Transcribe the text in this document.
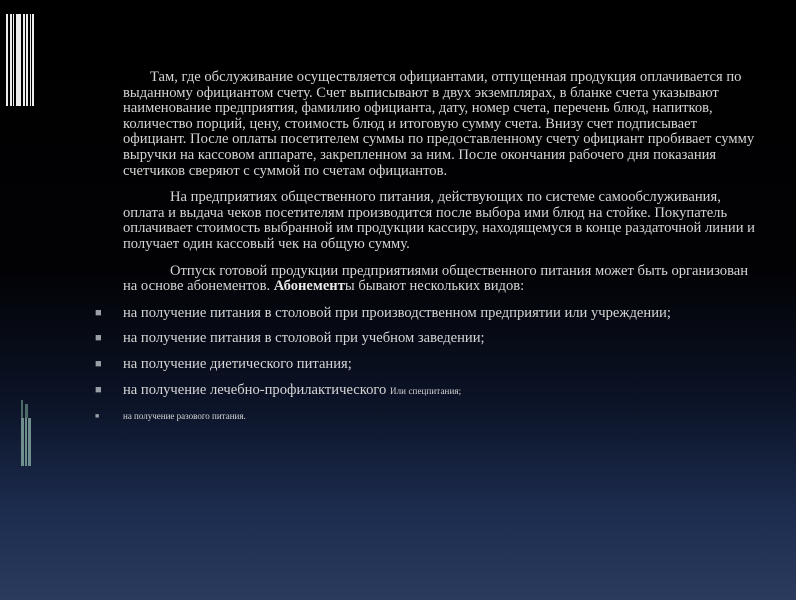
Там, где обслуживание осуществляется официантами, отпущенная продукция оплачивается по выданному официантом счету. Счет выписывают в двух экземплярах, в бланке счета указывают наименование предприятия, фамилию официанта, дату, номер счета, перечень блюд, напитков, количество порций, цену, стоимость блюд и итоговую сумму счета. Внизу счет подписывает официант. После оплаты посетителем суммы по предоставленному счету официант пробивает сумму выручки на кассовом аппарате, закрепленном за ним. После окончания рабочего дня показания счетчиков сверяют с суммой по счетам официантов.

На предприятиях общественного питания, действующих по системе самообслуживания, оплата и выдача чеков посетителям производится после выбора ими блюд на стойке. Покупатель оплачивает стоимость выбранной им продукции кассиру, находящемуся в конце раздаточной линии и получает один кассовый чек на общую сумму.

Отпуск готовой продукции предприятиями общественного питания может быть организован на основе абонементов. Абонементы бывают нескольких видов:

■ на получение питания в столовой при производственном предприятии или учреждении;
■ на получение питания в столовой при учебном заведении;
■ на получение диетического питания;
■ на получение лечебно-профилактического Или спецпитания;
■	на получение разового питания.
